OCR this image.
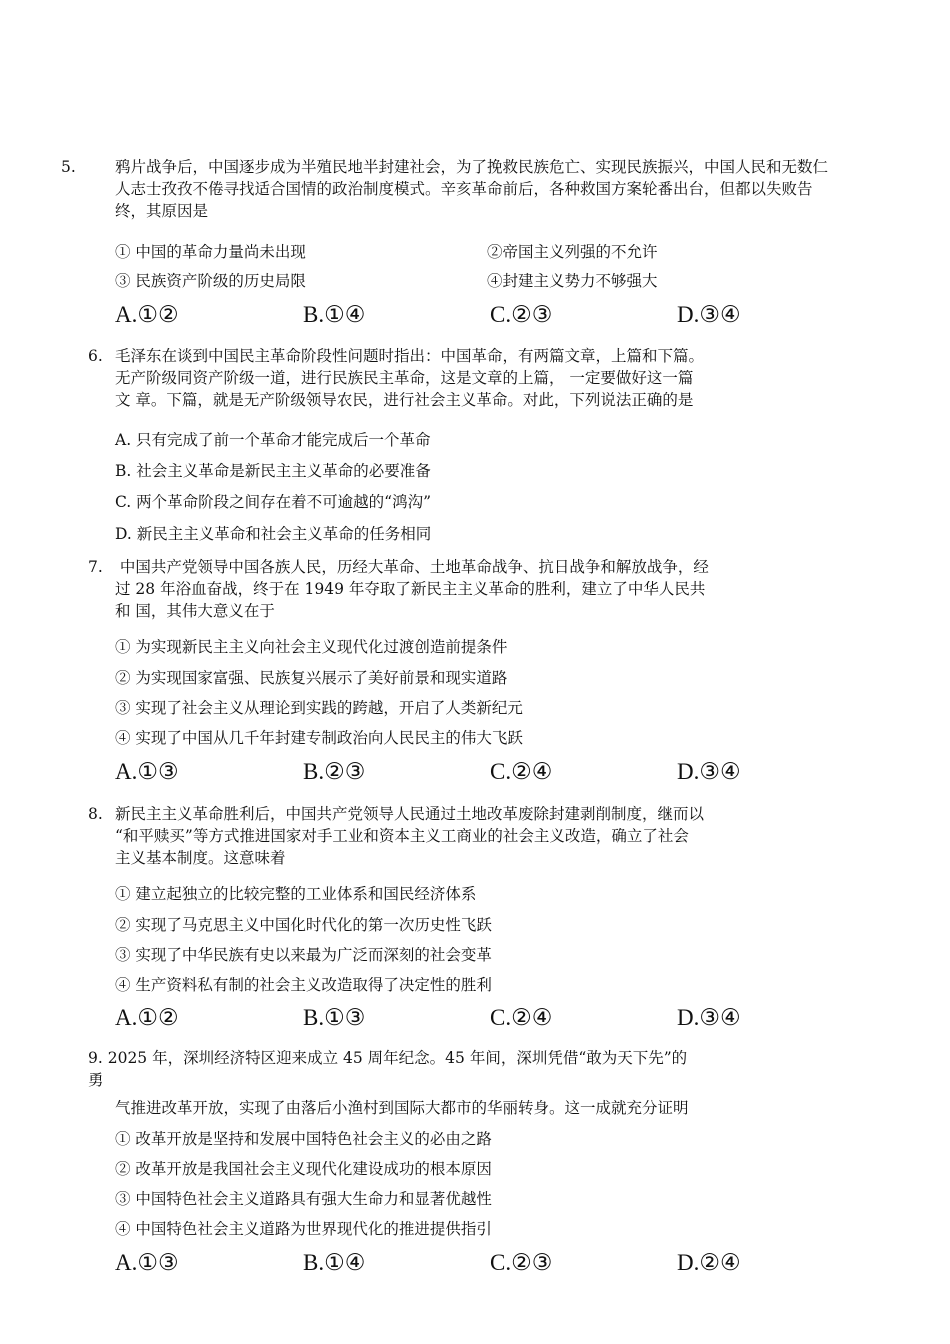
5.	鸦片战争后，中国逐步成为半殖民地半封建社会，为了挽救民族危亡、实现民族振兴，中国人民和无数仁人志士孜孜不倦寻找适合国情的政治制度模式。辛亥革命前后，各种救国方案轮番出台，但都以失败告终，其原因是
① 中国的革命力量尚未出现	②帝国主义列强的不允许
③ 民族资产阶级的历史局限	④封建主义势力不够强大
A.①②	B.①④	C.②③	D.③④
6. 毛泽东在谈到中国民主革命阶段性问题时指出：中国革命，有两篇文章，上篇和下篇。
无产阶级同资产阶级一道，进行民族民主革命，这是文章的上篇， 一定要做好这一篇
文 章。下篇，就是无产阶级领导农民，进行社会主义革命。对此，下列说法正确的是
A. 只有完成了前一个革命才能完成后一个革命
B. 社会主义革命是新民主主义革命的必要准备
C. 两个革命阶段之间存在着不可逾越的“鸿沟”
D. 新民主主义革命和社会主义革命的任务相同
7. 中国共产党领导中国各族人民，历经大革命、土地革命战争、抗日战争和解放战争，经
过 28 年浴血奋战，终于在 1949 年夺取了新民主主义革命的胜利，建立了中华人民共
和 国，其伟大意义在于
① 为实现新民主主义向社会主义现代化过渡创造前提条件
② 为实现国家富强、民族复兴展示了美好前景和现实道路
③ 实现了社会主义从理论到实践的跨越，开启了人类新纪元
④ 实现了中国从几千年封建专制政治向人民民主的伟大飞跃
A.①③	B.②③	C.②④	D.③④
8. 新民主主义革命胜利后，中国共产党领导人民通过土地改革废除封建剥削制度，继而以
“和平赎买”等方式推进国家对手工业和资本主义工商业的社会主义改造，确立了社会
主义基本制度。这意味着
① 建立起独立的比较完整的工业体系和国民经济体系
② 实现了马克思主义中国化时代化的第一次历史性飞跃
③ 实现了中华民族有史以来最为广泛而深刻的社会变革
④ 生产资料私有制的社会主义改造取得了决定性的胜利
A.①②	B.①③	C.②④	D.③④
9. 2025 年，深圳经济特区迎来成立 45 周年纪念。45 年间，深圳凭借“敢为天下先”的
勇
气推进改革开放，实现了由落后小渔村到国际大都市的华丽转身。这一成就充分证明
① 改革开放是坚持和发展中国特色社会主义的必由之路
② 改革开放是我国社会主义现代化建设成功的根本原因
③ 中国特色社会主义道路具有强大生命力和显著优越性
④ 中国特色社会主义道路为世界现代化的推进提供指引
A.①③	B.①④	C.②③	D.②④
